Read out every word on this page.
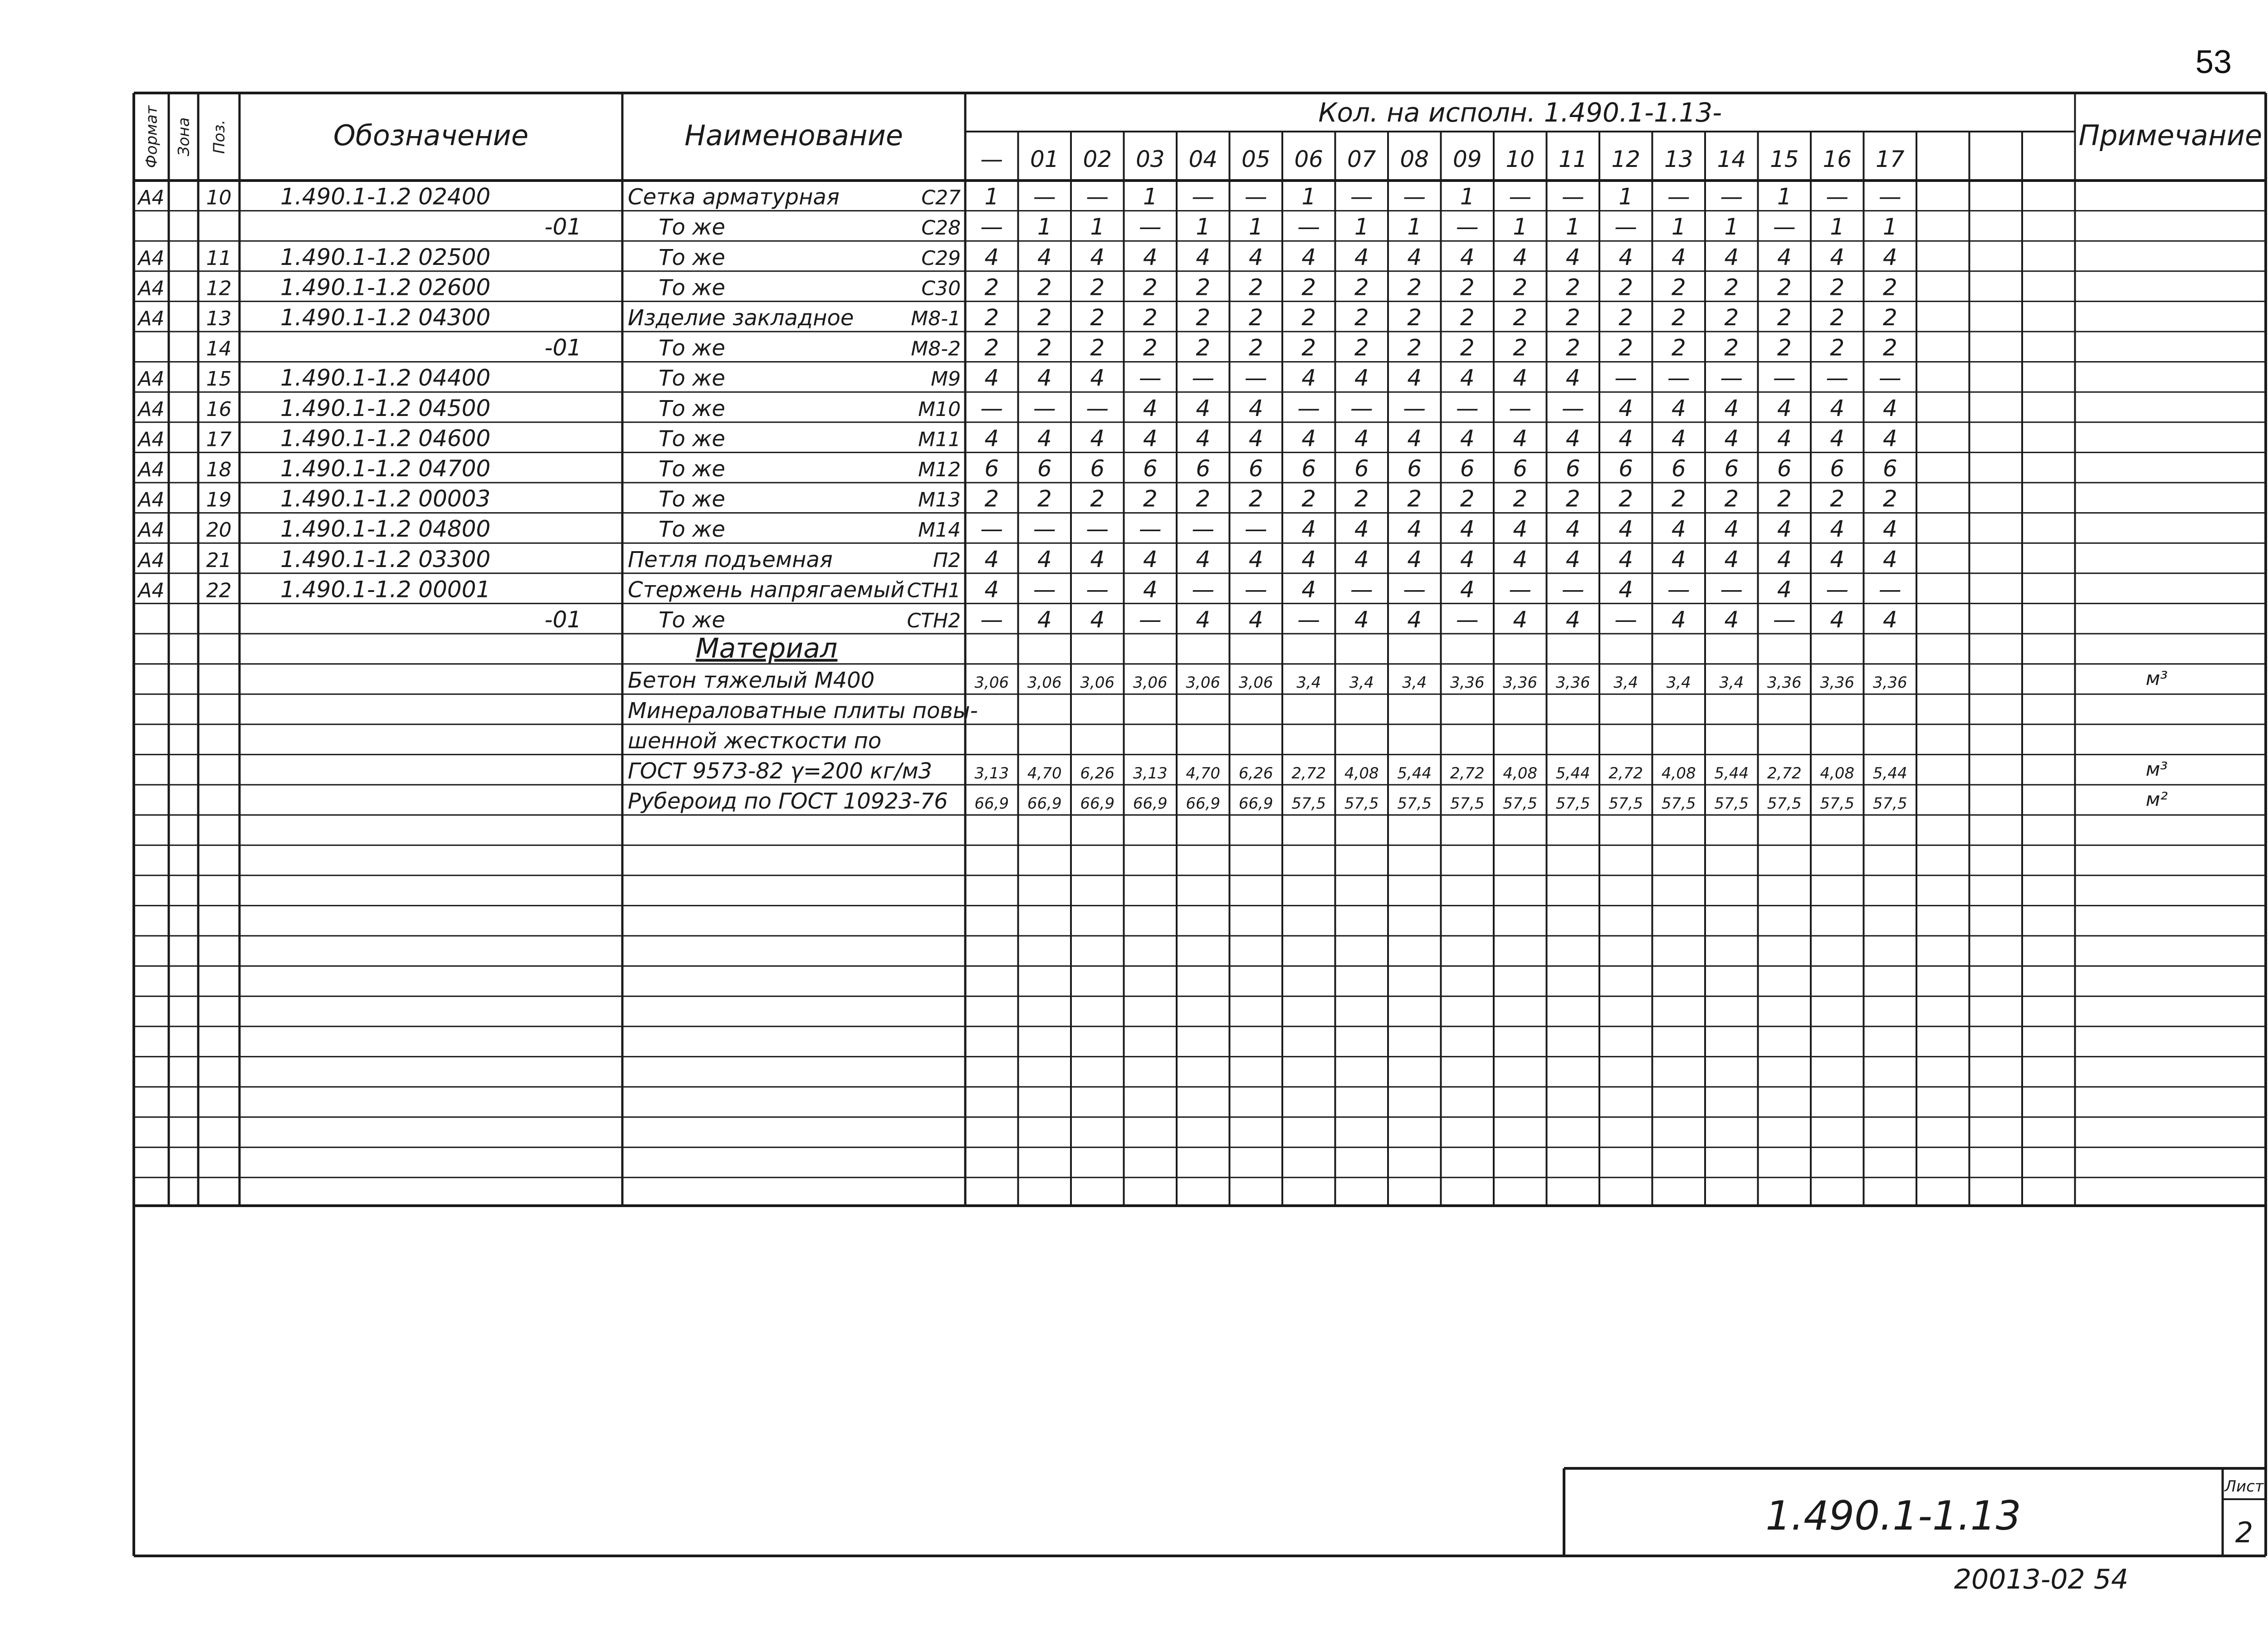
53
Формат Зона Поз.	Обозначение	Наименование
Кол. на исполн. 1.490.1-1.13-
Примечание
— 01 02 03 04 05 06 07 08 09 10 11 12 13 14 15 16 17
А4 10 1.490.1-1.2 02400	Сетка арматурная	С27 1 — — 1 — — 1 — — 1 — — 1 — — 1 — —
-01	То же	С28 — 1 1 — 1 1 — 1 1 — 1 1 — 1 1 — 1 1
А4 11 1.490.1-1.2 02500	То же	С29 4 4 4 4 4 4 4 4 4 4 4 4 4 4 4 4 4 4
А4 12 1.490.1-1.2 02600	То же	С30 2 2 2 2 2 2 2 2 2 2 2 2 2 2 2 2 2 2
А4 13 1.490.1-1.2 04300	Изделие закладное	М8-1 2 2 2 2 2 2 2 2 2 2 2 2 2 2 2 2 2 2
14	-01	То же	М8-2 2 2 2 2 2 2 2 2 2 2 2 2 2 2 2 2 2 2
А4 15 1.490.1-1.2 04400	То же	М9 4 4 4 — — — 4 4 4 4 4 4 — — — — — —
А4 16 1.490.1-1.2 04500	То же	М10 — — — 4 4 4 — — — — — — 4 4 4 4 4 4
А4 17 1.490.1-1.2 04600	То же	М11 4 4 4 4 4 4 4 4 4 4 4 4 4 4 4 4 4 4
А4 18 1.490.1-1.2 04700	То же	М12 6 6 6 6 6 6 6 6 6 6 6 6 6 6 6 6 6 6
А4 19 1.490.1-1.2 00003	То же	М13 2 2 2 2 2 2 2 2 2 2 2 2 2 2 2 2 2 2
А4 20 1.490.1-1.2 04800	То же	М14 — — — — — — 4 4 4 4 4 4 4 4 4 4 4 4
А4 21 1.490.1-1.2 03300	Петля подъемная	П2 4 4 4 4 4 4 4 4 4 4 4 4 4 4 4 4 4 4
А4 22 1.490.1-1.2 00001	Стержень напрягаемый СТН1 4 — — 4 — — 4 — — 4 — — 4 — — 4 — —
-01	То же	СТН2 — 4 4 — 4 4 — 4 4 — 4 4 — 4 4 — 4 4
Материал
Бетон тяжелый М400	3,06 3,06 3,06 3,06 3,06 3,06 3,4 3,4 3,4 3,36 3,36 3,36 3,4 3,4 3,4 3,36 3,36 3,36	м³
Минераловатные плиты повы-
шенной жесткости по
ГОСТ 9573-82 γ=200 кг/м3	3,13 4,70 6,26 3,13 4,70 6,26 2,72 4,08 5,44 2,72 4,08 5,44 2,72 4,08 5,44 2,72 4,08 5,44	м³
Рубероид по ГОСТ 10923-76 66,9 66,9 66,9 66,9 66,9 66,9 57,5 57,5 57,5 57,5 57,5 57,5 57,5 57,5 57,5 57,5 57,5 57,5	м²
1.490.1-1.13
Лист
2
20013-02 54
